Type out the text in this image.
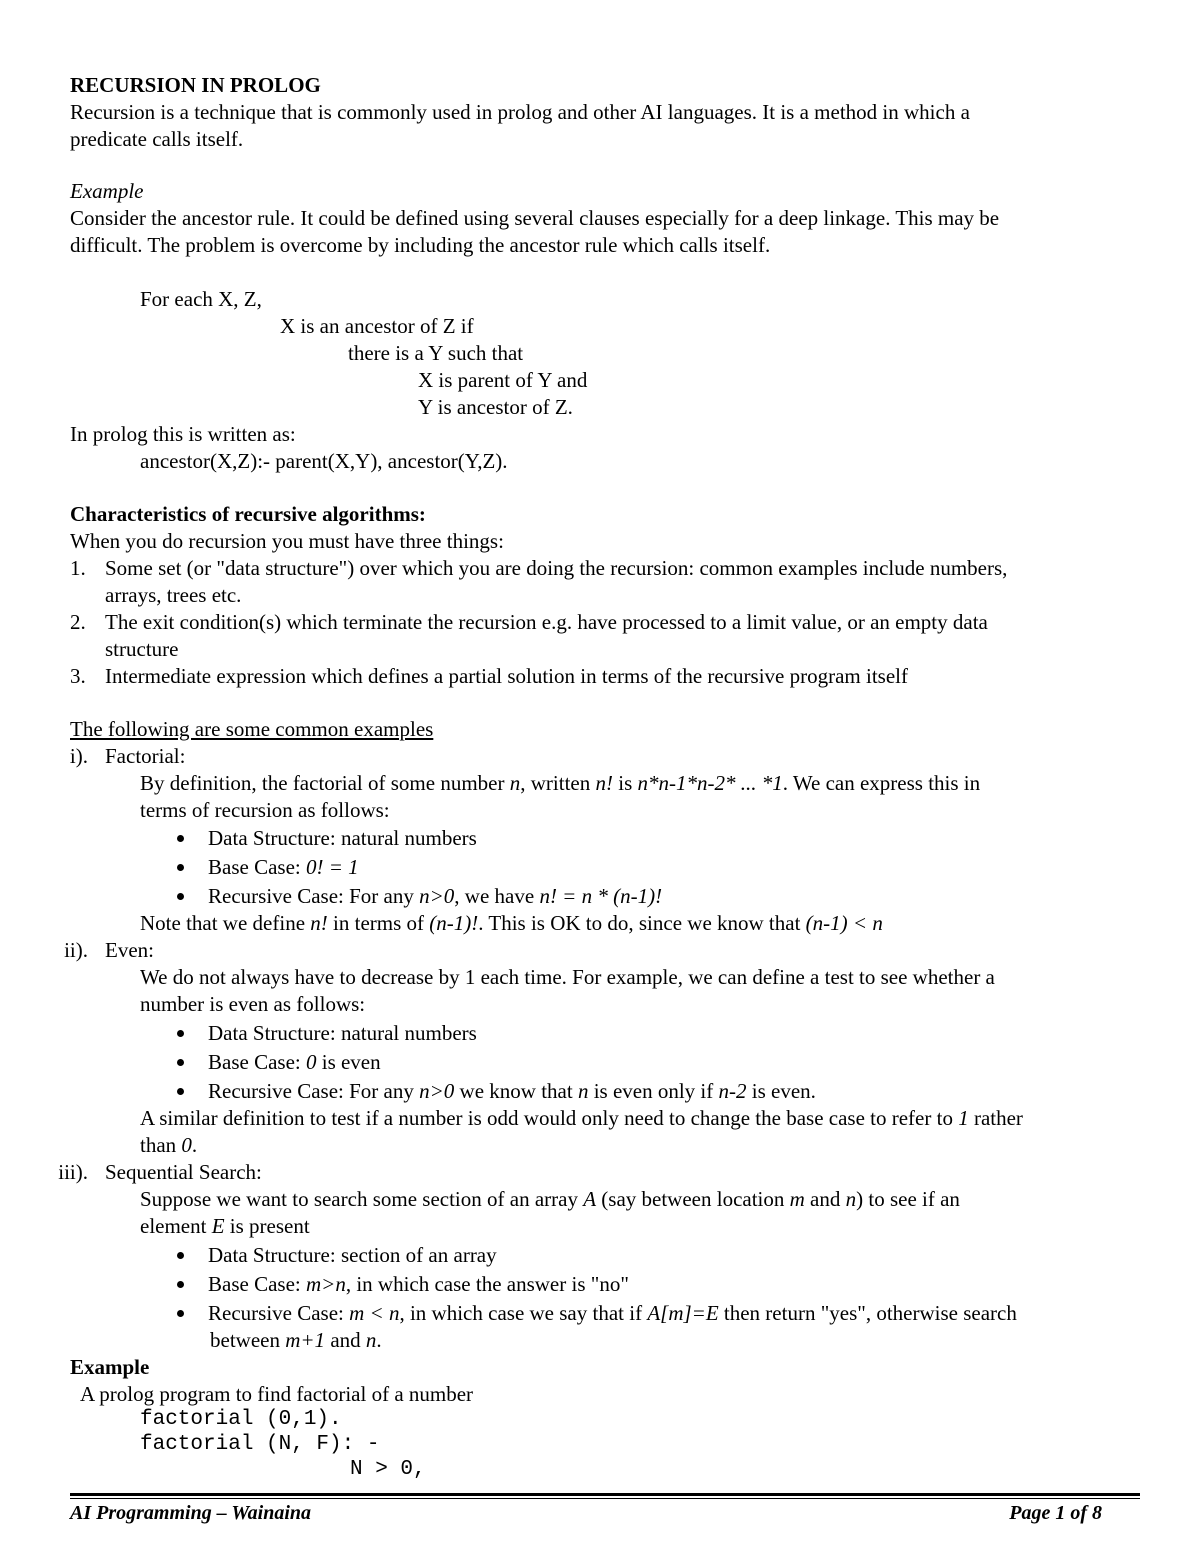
RECURSION IN PROLOG
Recursion is a technique that is commonly used in prolog and other AI languages. It is a method in which a
predicate calls itself.
Example
Consider the ancestor rule. It could be defined using several clauses especially for a deep linkage. This may be
difficult. The problem is overcome by including the ancestor rule which calls itself.
For each X, Z,
X is an ancestor of Z if
there is a Y such that
X is parent of Y and
Y is ancestor of Z.
In prolog this is written as:
ancestor(X,Z):- parent(X,Y), ancestor(Y,Z).
Characteristics of recursive algorithms:
When you do recursion you must have three things:
1. Some set (or "data structure") over which you are doing the recursion: common examples include numbers,
arrays, trees etc.
2. The exit condition(s) which terminate the recursion e.g. have processed to a limit value, or an empty data
structure
3. Intermediate expression which defines a partial solution in terms of the recursive program itself
The following are some common examples
i). Factorial:
By definition, the factorial of some number n, written n! is n*n-1*n-2* ... *1. We can express this in
terms of recursion as follows:
Data Structure: natural numbers
Base Case: 0! = 1
Recursive Case: For any n>0, we have n! = n * (n-1)!
Note that we define n! in terms of (n-1)!. This is OK to do, since we know that (n-1) < n
ii). Even:
We do not always have to decrease by 1 each time. For example, we can define a test to see whether a
number is even as follows:
Data Structure: natural numbers
Base Case: 0 is even
Recursive Case: For any n>0 we know that n is even only if n-2 is even.
A similar definition to test if a number is odd would only need to change the base case to refer to 1 rather
than 0.
iii). Sequential Search:
Suppose we want to search some section of an array A (say between location m and n) to see if an
element E is present
Data Structure: section of an array
Base Case: m>n, in which case the answer is "no"
Recursive Case: m < n, in which case we say that if A[m]=E then return "yes", otherwise search
between m+1 and n.
Example
A prolog program to find factorial of a number
factorial (0,1).
factorial (N, F): -
N > 0,
AI Programming – Wainaina	Page 1 of 8
